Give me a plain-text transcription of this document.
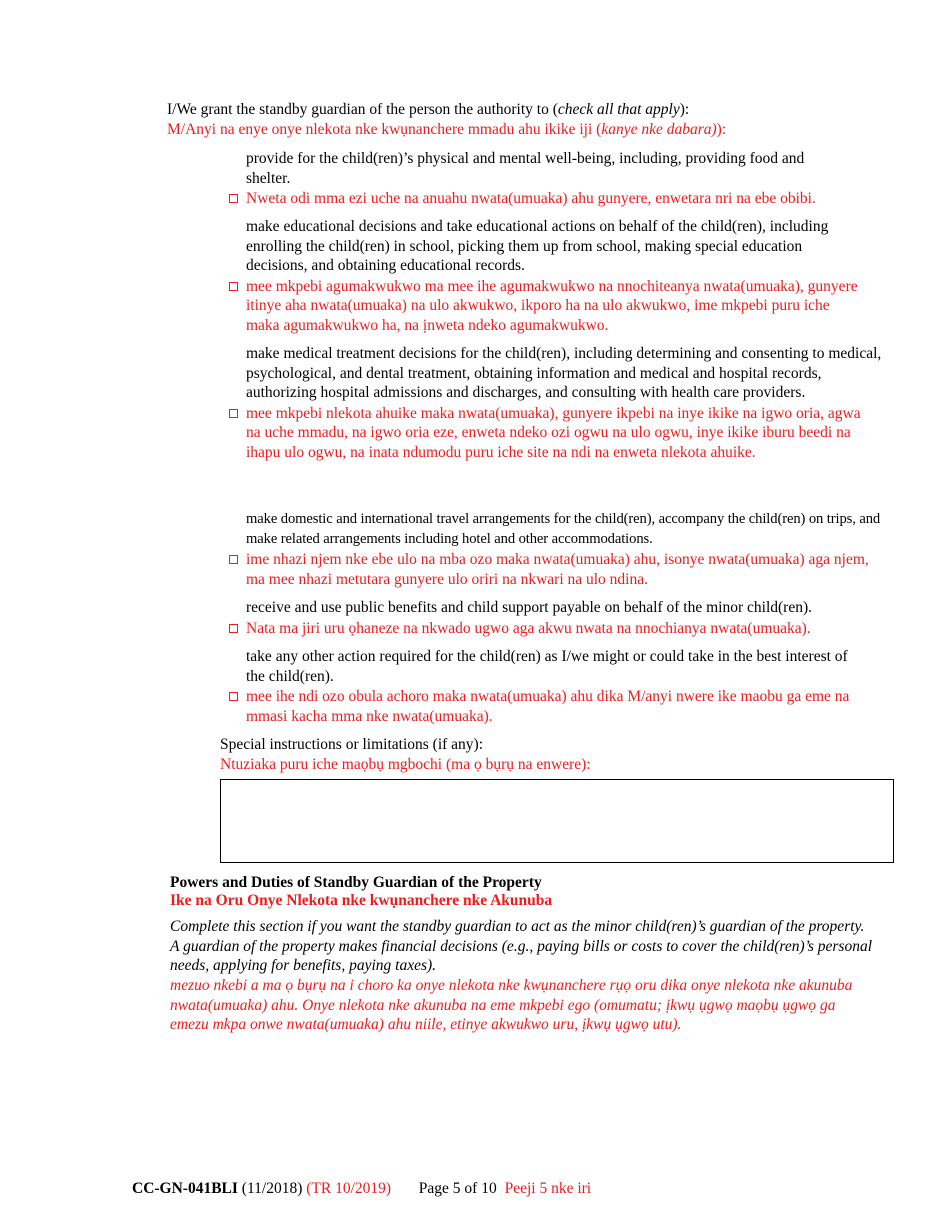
I/We grant the standby guardian of the person the authority to (check all that apply):
M/Anyi na enye onye nlekota nke kwụnanchere mmadu ahu ikike iji (kanye nke dabara)):
provide for the child(ren)’s physical and mental well-being, including, providing food and shelter.
Nweta odi mma ezi uche na anuahu nwata(umuaka) ahu gunyere, enwetara nri na ebe obibi.
make educational decisions and take educational actions on behalf of the child(ren), including enrolling the child(ren) in school, picking them up from school, making special education decisions, and obtaining educational records.
mee mkpebi agumakwukwo ma mee ihe agumakwukwo na nnochiteanya nwata(umuaka), gunyere itinye aha nwata(umuaka) na ulo akwukwo, ikporo ha na ulo akwukwo, ime mkpebi puru iche maka agumakwukwo ha, na ịnweta ndeko agumakwukwo.
make medical treatment decisions for the child(ren), including determining and consenting to medical, psychological, and dental treatment, obtaining information and medical and hospital records, authorizing hospital admissions and discharges, and consulting with health care providers.
mee mkpebi nlekota ahuike maka nwata(umuaka), gunyere ikpebi na inye ikike na igwo oria, agwa na uche mmadu, na igwo oria eze, enweta ndeko ozi ogwu na ulo ogwu, inye ikike iburu beedi na ihapu ulo ogwu, na inata ndumodu puru iche site na ndi na enweta nlekota ahuike.
make domestic and international travel arrangements for the child(ren), accompany the child(ren) on trips, and make related arrangements including hotel and other accommodations.
ime nhazi njem nke ebe ulo na mba ozo maka nwata(umuaka) ahu, isonye nwata(umuaka) aga njem, ma mee nhazi metutara gunyere ulo oriri na nkwari na ulo ndina.
receive and use public benefits and child support payable on behalf of the minor child(ren).
Nata ma jiri uru ọhaneze na nkwado ugwo aga akwu nwata na nnochianya nwata(umuaka).
take any other action required for the child(ren) as I/we might or could take in the best interest of the child(ren).
mee ihe ndi ozo obula achoro maka nwata(umuaka) ahu dika M/anyi nwere ike maobu ga eme na mmasi kacha mma nke nwata(umuaka).
Special instructions or limitations (if any):
Ntuziaka puru iche maọbụ mgbochi (ma ọ bụrụ na enwere):
Powers and Duties of Standby Guardian of the Property
Ike na Oru Onye Nlekota nke kwụnanchere nke Akunuba
Complete this section if you want the standby guardian to act as the minor child(ren)’s guardian of the property. A guardian of the property makes financial decisions (e.g., paying bills or costs to cover the child(ren)’s personal needs, applying for benefits, paying taxes).
mezuo nkebi a ma ọ bụrụ na i choro ka onye nlekota nke kwụnanchere rụọ oru dika onye nlekota nke akunuba nwata(umuaka) ahu. Onye nlekota nke akunuba na eme mkpebi ego (omumatu; ịkwụ ụgwọ maọbụ ụgwọ ga emezu mkpa onwe nwata(umuaka) ahu niile, etinye akwukwo uru, ịkwụ ụgwọ utu).
CC-GN-041BLI (11/2018) (TR 10/2019) Page 5 of 10 Peeji 5 nke iri
